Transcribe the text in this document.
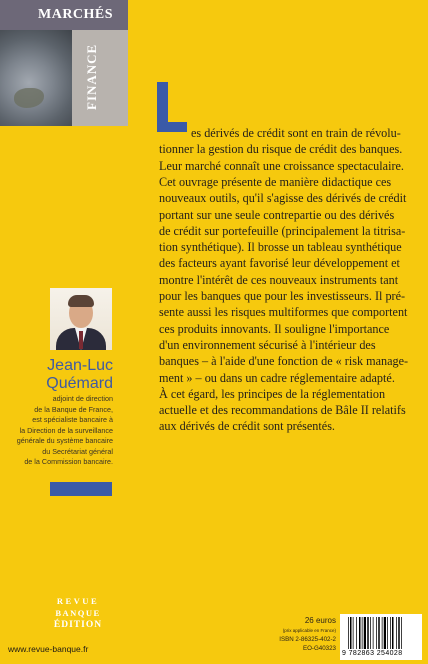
MARCHÉS
FINANCE
es dérivés de crédit sont en train de révolu-
tionner la gestion du risque de crédit des banques.
Leur marché connaît une croissance spectaculaire.
Cet ouvrage présente de manière didactique ces
nouveaux outils, qu'il s'agisse des dérivés de crédit
portant sur une seule contrepartie ou des dérivés
de crédit sur portefeuille (principalement la titrisa-
tion synthétique). Il brosse un tableau synthétique
des facteurs ayant favorisé leur développement et
montre l'intérêt de ces nouveaux instruments tant
pour les banques que pour les investisseurs. Il pré-
sente aussi les risques multiformes que comportent
ces produits innovants. Il souligne l'importance
d'un environnement sécurisé à l'intérieur des
banques – à l'aide d'une fonction de « risk manage-
ment » – ou dans un cadre réglementaire adapté.
À cet égard, les principes de la réglementation
actuelle et des recommandations de Bâle II relatifs
aux dérivés de crédit sont présentés.
Jean-Luc
Quémard
adjoint de direction
de la Banque de France,
est spécialiste bancaire à
la Direction de la surveillance
générale du système bancaire
du Secrétariat général
de la Commission bancaire.
REVUE
BANQUE
ÉDITION
www.revue-banque.fr
26 euros
(prix applicable en France)
ISBN 2-86325-402-2
EO-G40323
9 782863 254028
